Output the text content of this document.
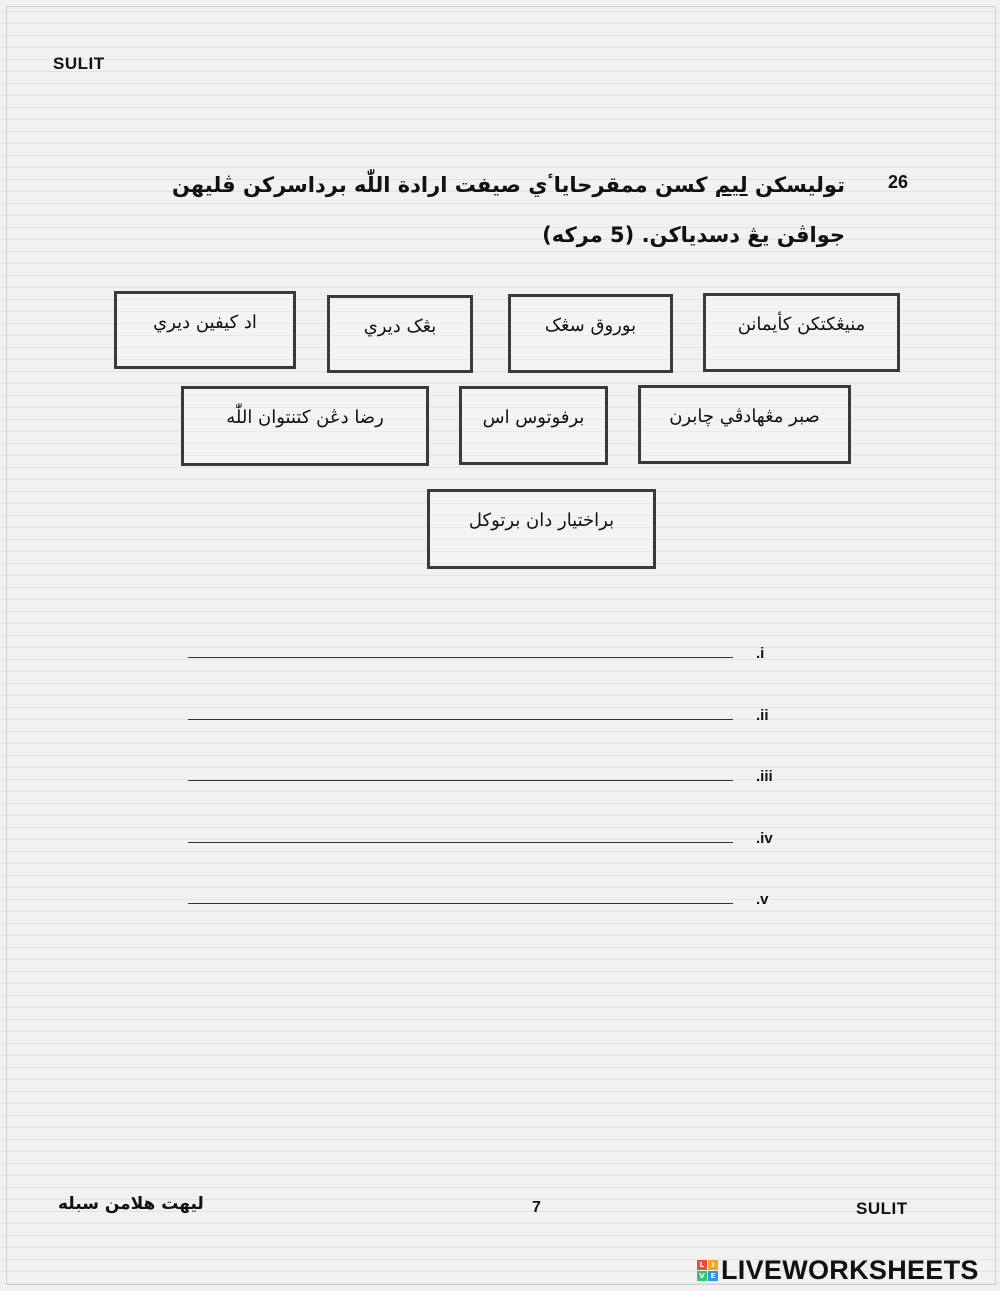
SULIT
26
توليسكن ليم كسن ممقرحاياٴي صيفت ارادة اللّٰه برداسركن ڤليهن جواڤن يڠ دسدياكن. (5 مركه)
منيڠكتكن كأيمانن
بوروق سڠک
بڠک ديري
اد كيفين ديري
صبر مڠهادڤي چابرن
برفوتوس اس
رضا دڠن كتنتوان اللّٰه
براختيار دان برتوكل
.i
.ii
.iii
.iv
.v
ليهت هلامن سبله	7	SULIT
L	I
V E LIVEWORKSHEETS
